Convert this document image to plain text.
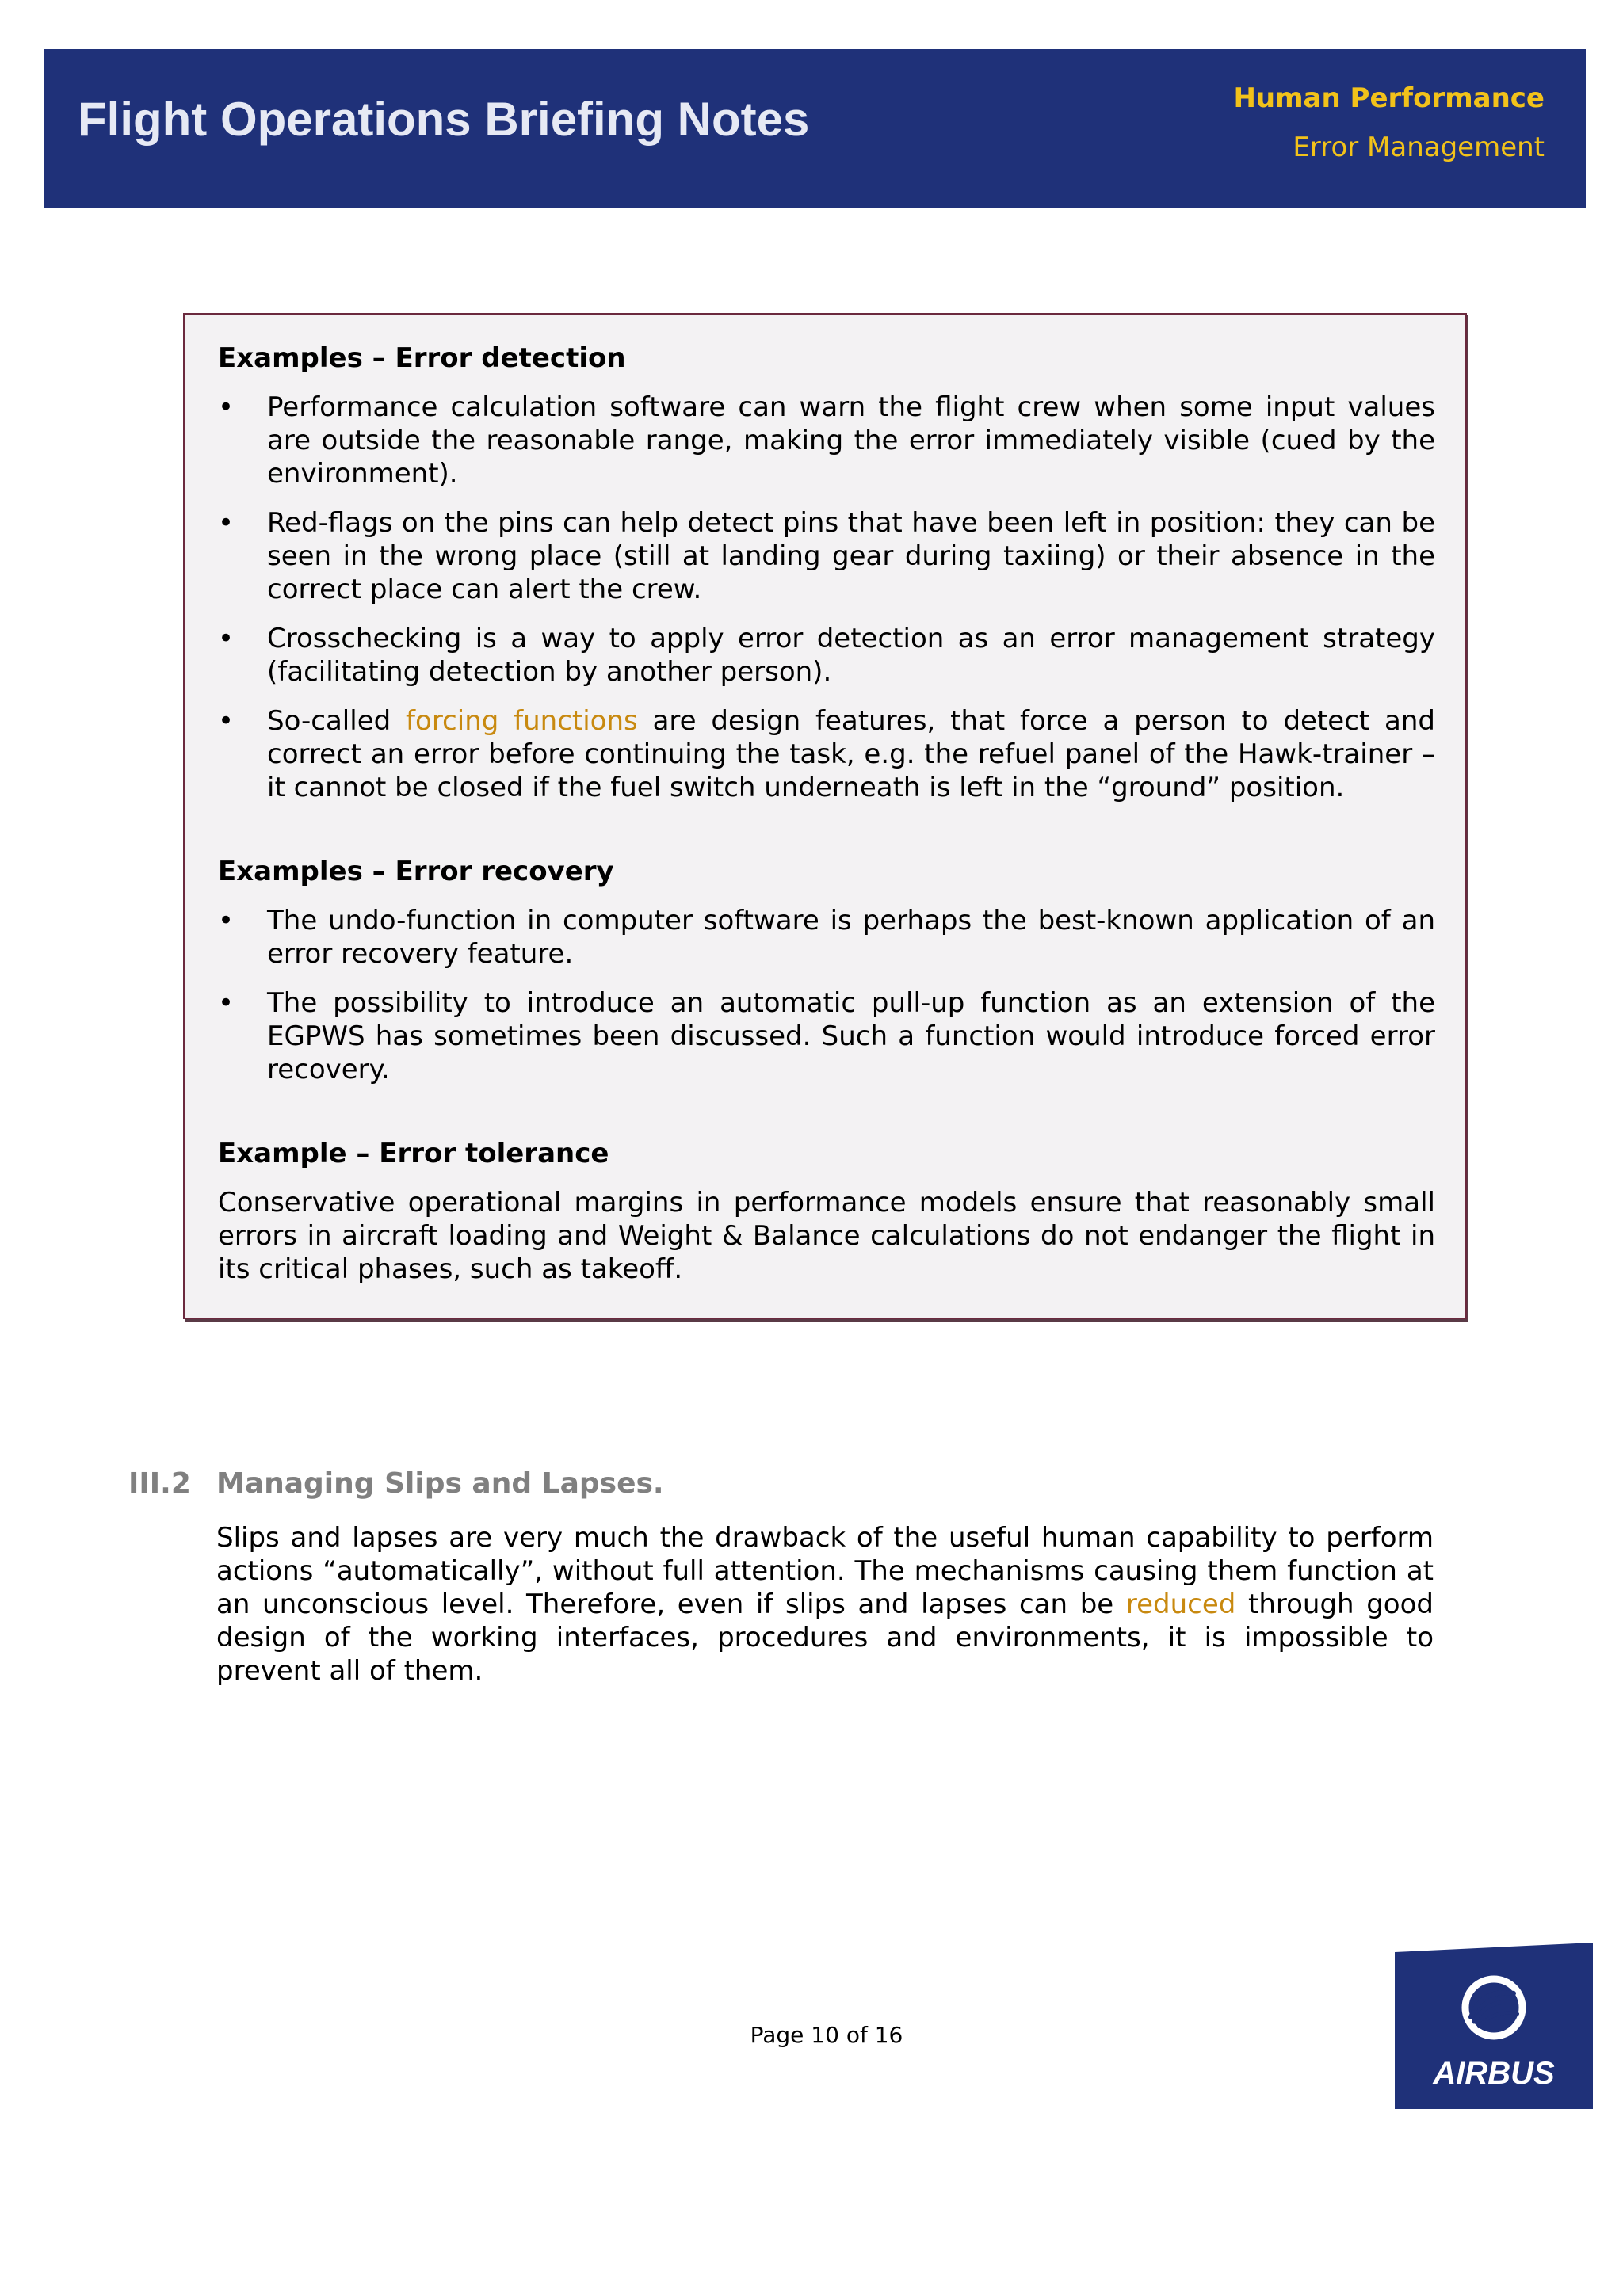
Flight Operations Briefing Notes	Human Performance
Error Management
Examples – Error detection
• Performance calculation software can warn the flight crew when some input values are outside the reasonable range, making the error immediately visible (cued by the environment).
• Red-flags on the pins can help detect pins that have been left in position: they can be seen in the wrong place (still at landing gear during taxiing) or their absence in the correct place can alert the crew.
• Crosschecking is a way to apply error detection as an error management strategy (facilitating detection by another person).
• So-called forcing functions are design features, that force a person to detect and correct an error before continuing the task, e.g. the refuel panel of the Hawk-trainer – it cannot be closed if the fuel switch underneath is left in the “ground” position.
Examples – Error recovery
• The undo-function in computer software is perhaps the best-known application of an error recovery feature.
• The possibility to introduce an automatic pull-up function as an extension of the EGPWS has sometimes been discussed. Such a function would introduce forced error recovery.
Example – Error tolerance

Conservative operational margins in performance models ensure that reasonably small errors in aircraft loading and Weight & Balance calculations do not endanger the flight in its critical phases, such as takeoff.

III.2 Managing Slips and Lapses.

Slips and lapses are very much the drawback of the useful human capability to perform actions “automatically”, without full attention. The mechanisms causing them function at an unconscious level. Therefore, even if slips and lapses can be reduced through good design of the working interfaces, procedures and environments, it is impossible to prevent all of them.

Page 10 of 16
AIRBUS
